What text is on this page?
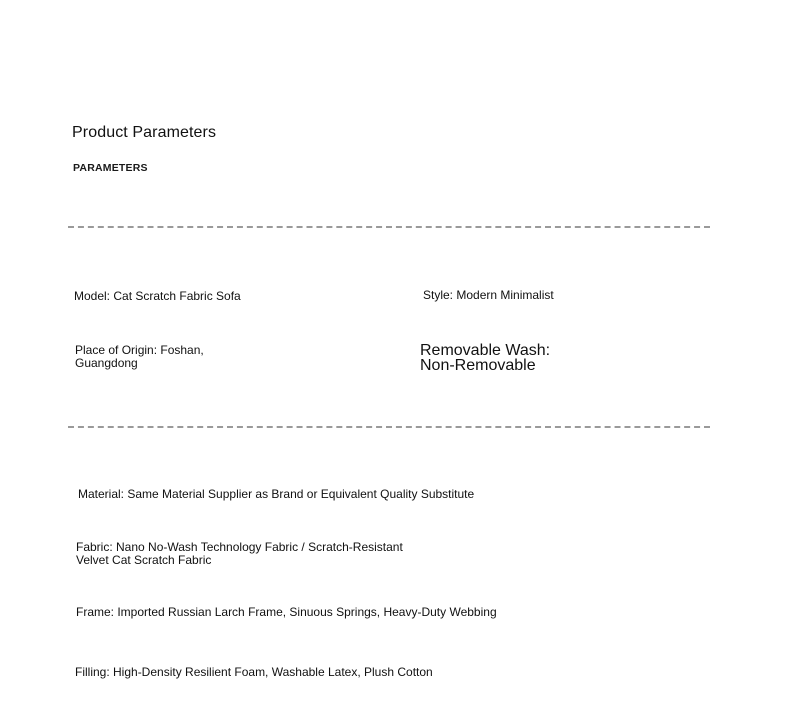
Product Parameters
PARAMETERS
Model: Cat Scratch Fabric Sofa	Style: Modern Minimalist
Place of Origin: Foshan,
Guangdong
Removable Wash:
Non-Removable
Material: Same Material Supplier as Brand or Equivalent Quality Substitute
Fabric: Nano No-Wash Technology Fabric / Scratch-Resistant
Velvet Cat Scratch Fabric
Frame: Imported Russian Larch Frame, Sinuous Springs, Heavy-Duty Webbing
Filling: High-Density Resilient Foam, Washable Latex, Plush Cotton
